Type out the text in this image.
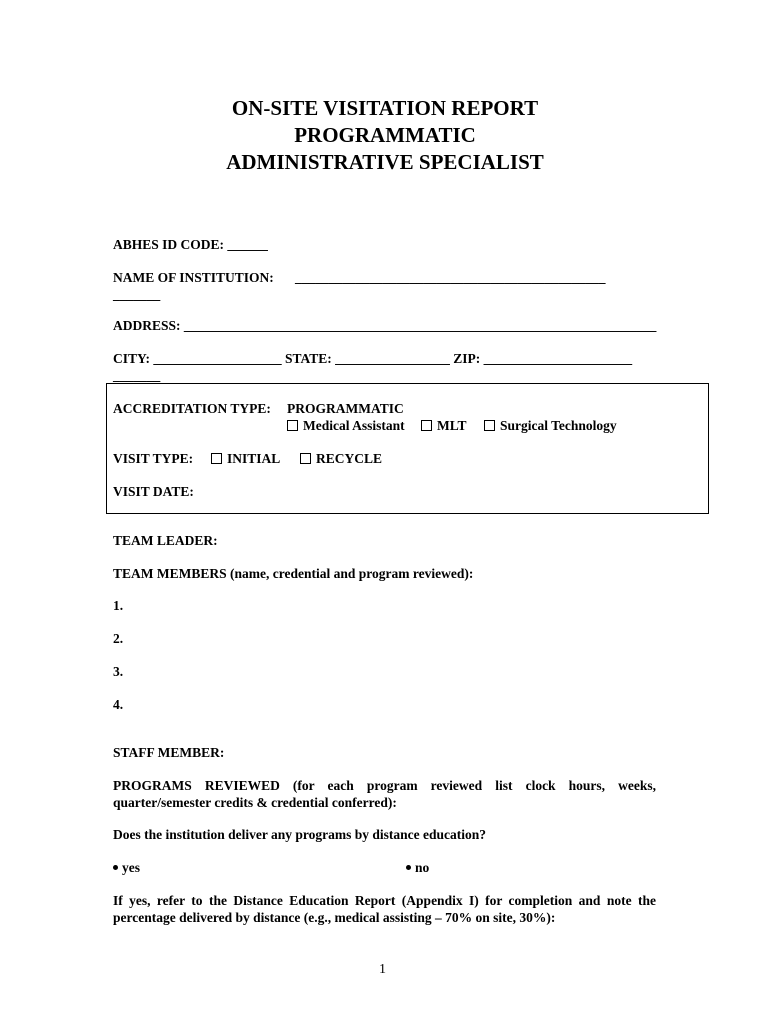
ON-SITE VISITATION REPORT
PROGRAMMATIC
ADMINISTRATIVE SPECIALIST
ABHES ID CODE: ______
NAME OF INSTITUTION: ______________________________________________
_______
ADDRESS: ______________________________________________________________________
CITY: ___________________ STATE: _________________ ZIP: ______________________
_______
ACCREDITATION TYPE: PROGRAMMATIC
Medical Assistant	MLT	Surgical Technology
VISIT TYPE:	INITIAL	RECYCLE
VISIT DATE:
TEAM LEADER:
TEAM MEMBERS (name, credential and program reviewed):
1.
2.
3.
4.
STAFF MEMBER:
PROGRAMS REVIEWED (for each program reviewed list clock hours, weeks,
quarter/semester credits & credential conferred):
Does the institution deliver any programs by distance education?
yes	no
If yes, refer to the Distance Education Report (Appendix I) for completion and note the
percentage delivered by distance (e.g., medical assisting – 70% on site, 30%):
1
